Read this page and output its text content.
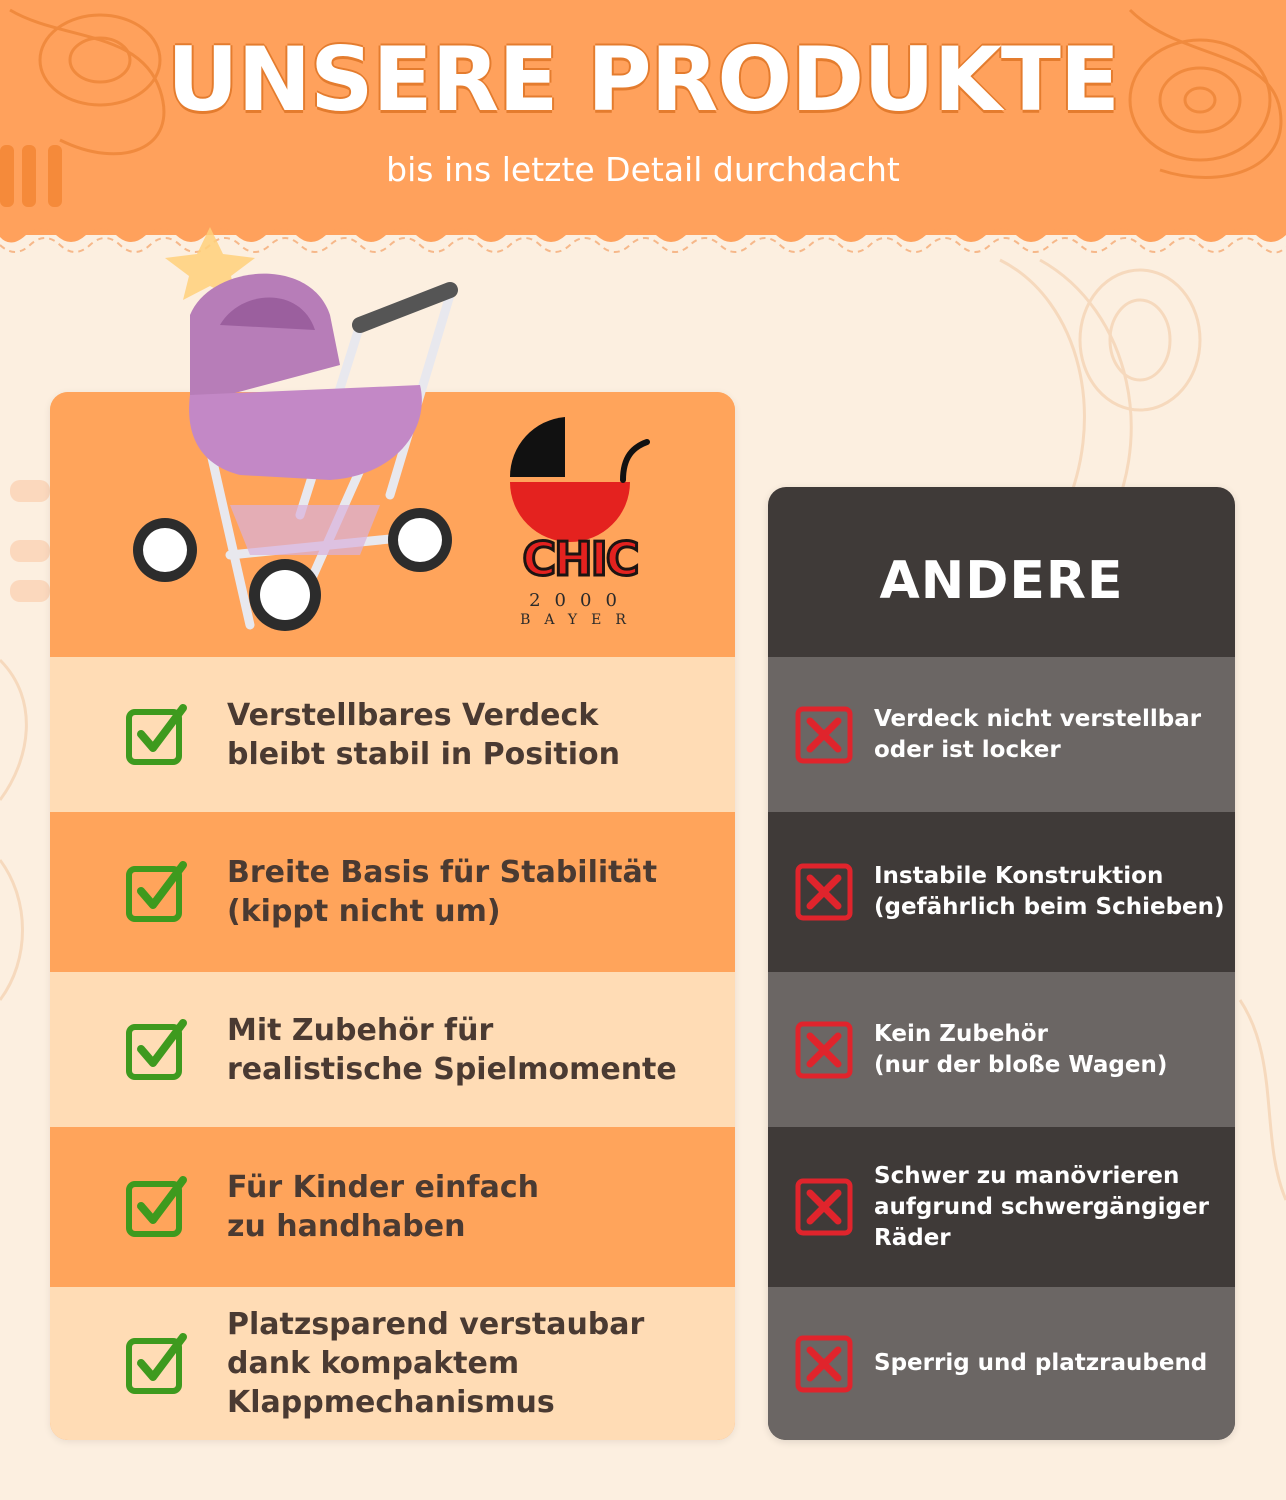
UNSERE PRODUKTE
bis ins letzte Detail durchdacht
Verstellbares Verdeck
bleibt stabil in Position
Breite Basis für Stabilität
(kippt nicht um)
Mit Zubehör für
realistische Spielmomente
Für Kinder einfach
zu handhaben
Platzsparend verstaubar
dank kompaktem
Klappmechanismus
CHIC
2000
BAYER
ANDERE
Verdeck nicht verstellbar
oder ist locker
Instabile Konstruktion
(gefährlich beim Schieben)
Kein Zubehör
(nur der bloße Wagen)
Schwer zu manövrieren
aufgrund schwergängiger
Räder
Sperrig und platzraubend
